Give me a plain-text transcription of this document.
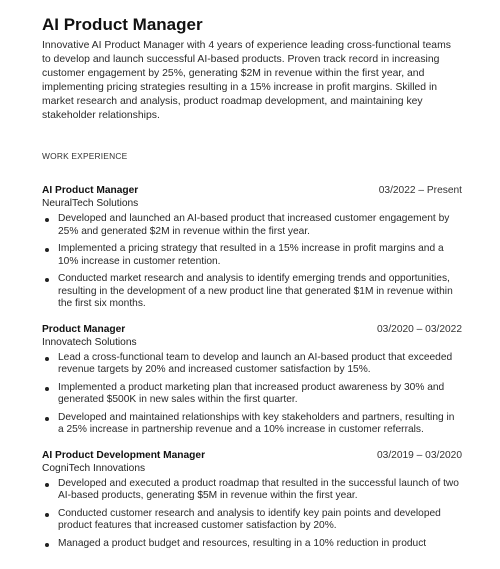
AI Product Manager

Innovative AI Product Manager with 4 years of experience leading cross-functional teams to develop and launch successful AI-based products. Proven track record in increasing customer engagement by 25%, generating $2M in revenue within the first year, and implementing pricing strategies resulting in a 15% increase in profit margins. Skilled in market research and analysis, product roadmap development, and maintaining key stakeholder relationships.

WORK EXPERIENCE
AI Product Manager	03/2022 – Present
NeuralTech Solutions
Developed and launched an AI-based product that increased customer engagement by 25% and generated $2M in revenue within the first year.
Implemented a pricing strategy that resulted in a 15% increase in profit margins and a 10% increase in customer retention.
Conducted market research and analysis to identify emerging trends and opportunities, resulting in the development of a new product line that generated $1M in revenue within the first six months.
Product Manager	03/2020 – 03/2022
Innovatech Solutions
Lead a cross-functional team to develop and launch an AI-based product that exceeded revenue targets by 20% and increased customer satisfaction by 15%.
Implemented a product marketing plan that increased product awareness by 30% and generated $500K in new sales within the first quarter.
Developed and maintained relationships with key stakeholders and partners, resulting in a 25% increase in partnership revenue and a 10% increase in customer referrals.
AI Product Development Manager	03/2019 – 03/2020
CogniTech Innovations
Developed and executed a product roadmap that resulted in the successful launch of two AI-based products, generating $5M in revenue within the first year.
Conducted customer research and analysis to identify key pain points and developed product features that increased customer satisfaction by 20%.
Managed a product budget and resources, resulting in a 10% reduction in product
